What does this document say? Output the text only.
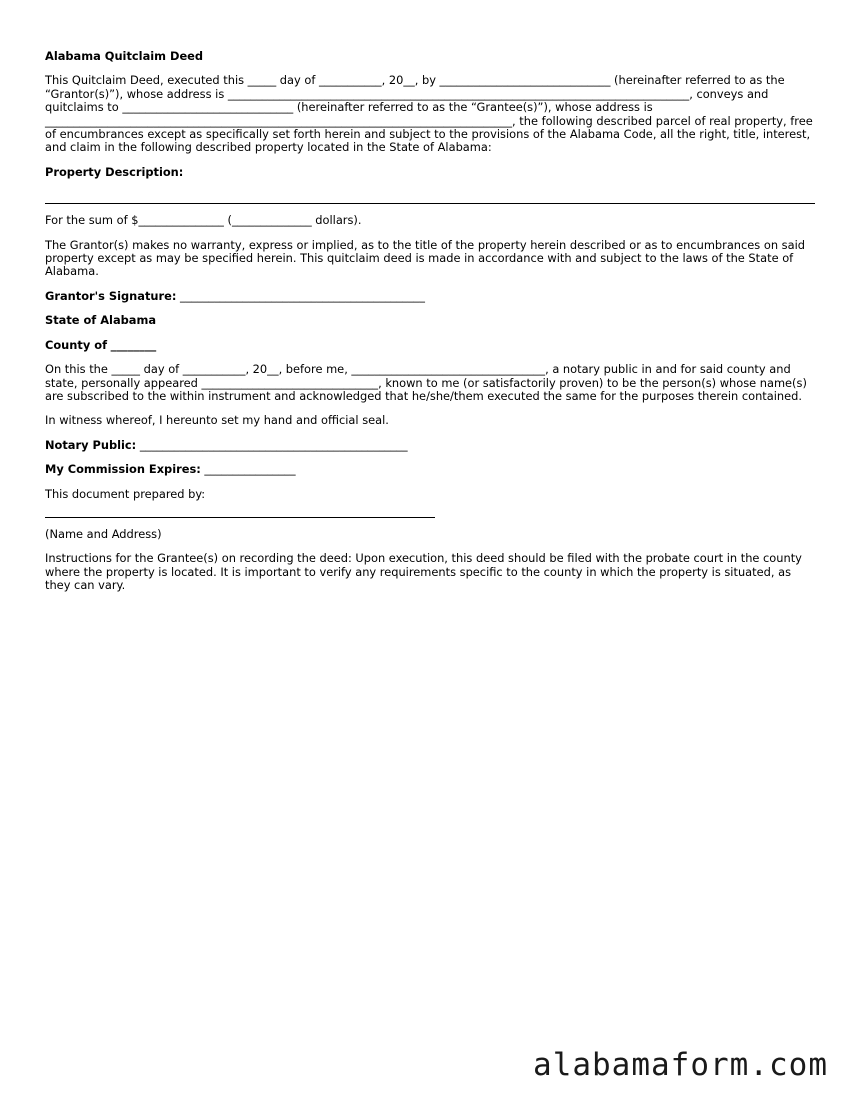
Alabama Quitclaim Deed

This Quitclaim Deed, executed this _____ day of ___________, 20__, by ______________________________ (hereinafter referred to as the “Grantor(s)”), whose address is _________________________________________________________________________________, conveys and quitclaims to ______________________________ (hereinafter referred to as the “Grantee(s)”), whose address is __________________________________________________________________________________, the following described parcel of real property, free of encumbrances except as specifically set forth herein and subject to the provisions of the Alabama Code, all the right, title, interest, and claim in the following described property located in the State of Alabama:

Property Description:

For the sum of $_______________ (______________ dollars).

The Grantor(s) makes no warranty, express or implied, as to the title of the property herein described or as to encumbrances on said property except as may be specified herein. This quitclaim deed is made in accordance with and subject to the laws of the State of Alabama.

Grantor's Signature: ___________________________________________

State of Alabama

County of ________

On this the _____ day of ___________, 20__, before me, __________________________________, a notary public in and for said county and state, personally appeared _______________________________, known to me (or satisfactorily proven) to be the person(s) whose name(s) are subscribed to the within instrument and acknowledged that he/she/them executed the same for the purposes therein contained.

In witness whereof, I hereunto set my hand and official seal.

Notary Public: _______________________________________________

My Commission Expires: ________________

This document prepared by:

(Name and Address)

Instructions for the Grantee(s) on recording the deed: Upon execution, this deed should be filed with the probate court in the county where the property is located. It is important to verify any requirements specific to the county in which the property is situated, as they can vary.

alabamaform.com
